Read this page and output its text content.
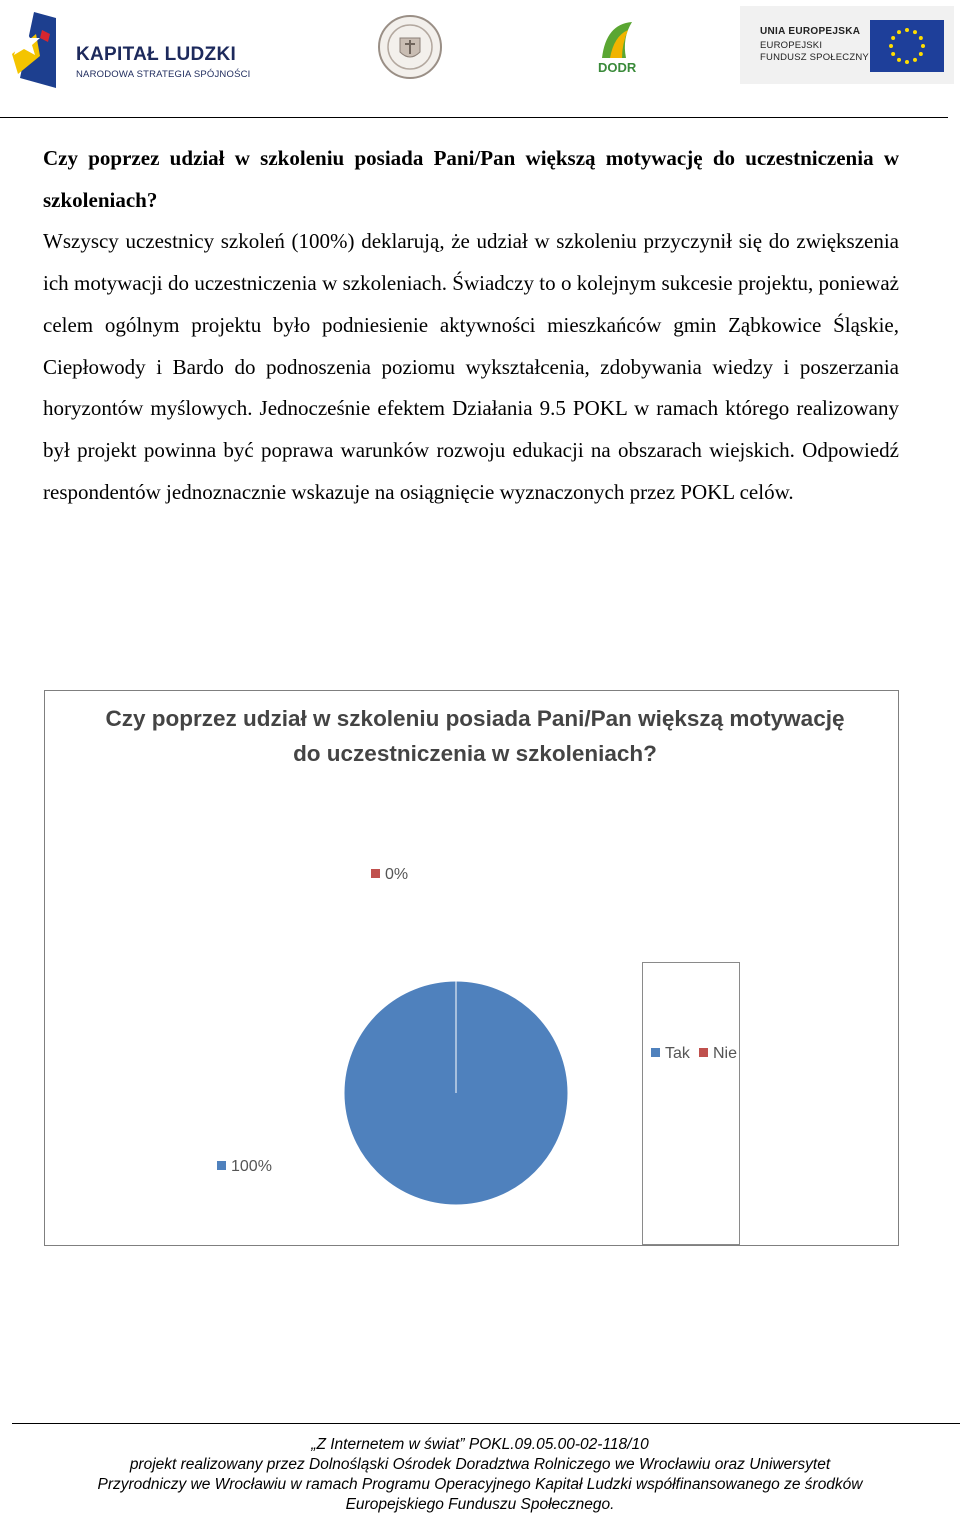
KAPITAŁ LUDZKI
NARODOWA STRATEGIA SPÓJNOŚCI	DODR
UNIA EUROPEJSKA
EUROPEJSKI
FUNDUSZ SPOŁECZNY

Czy poprzez udział w szkoleniu posiada Pani/Pan większą motywację do uczestniczenia w szkoleniach?

Wszyscy uczestnicy szkoleń (100%) deklarują, że udział w szkoleniu przyczynił się do zwiększenia ich motywacji do uczestniczenia w szkoleniach. Świadczy to o kolejnym sukcesie projektu, ponieważ celem ogólnym projektu było podniesienie aktywności mieszkańców gmin Ząbkowice Śląskie, Ciepłowody i Bardo do podnoszenia poziomu wykształcenia, zdobywania wiedzy i poszerzania horyzontów myślowych. Jednocześnie efektem Działania 9.5 POKL w ramach którego realizowany był projekt powinna być poprawa warunków rozwoju edukacji na obszarach wiejskich. Odpowiedź respondentów jednoznacznie wskazuje na osiągnięcie wyznaczonych przez POKL celów.

Czy poprzez udział w szkoleniu posiada Pani/Pan większą motywację do uczestniczenia w szkoleniach?

100%
0%
Tak	Nie

„Z Internetem w świat” POKL.09.05.00-02-118/10

projekt realizowany przez Dolnośląski Ośrodek Doradztwa Rolniczego we Wrocławiu oraz Uniwersytet

Przyrodniczy we Wrocławiu w ramach Programu Operacyjnego Kapitał Ludzki współfinansowanego ze środków

Europejskiego Funduszu Społecznego.
